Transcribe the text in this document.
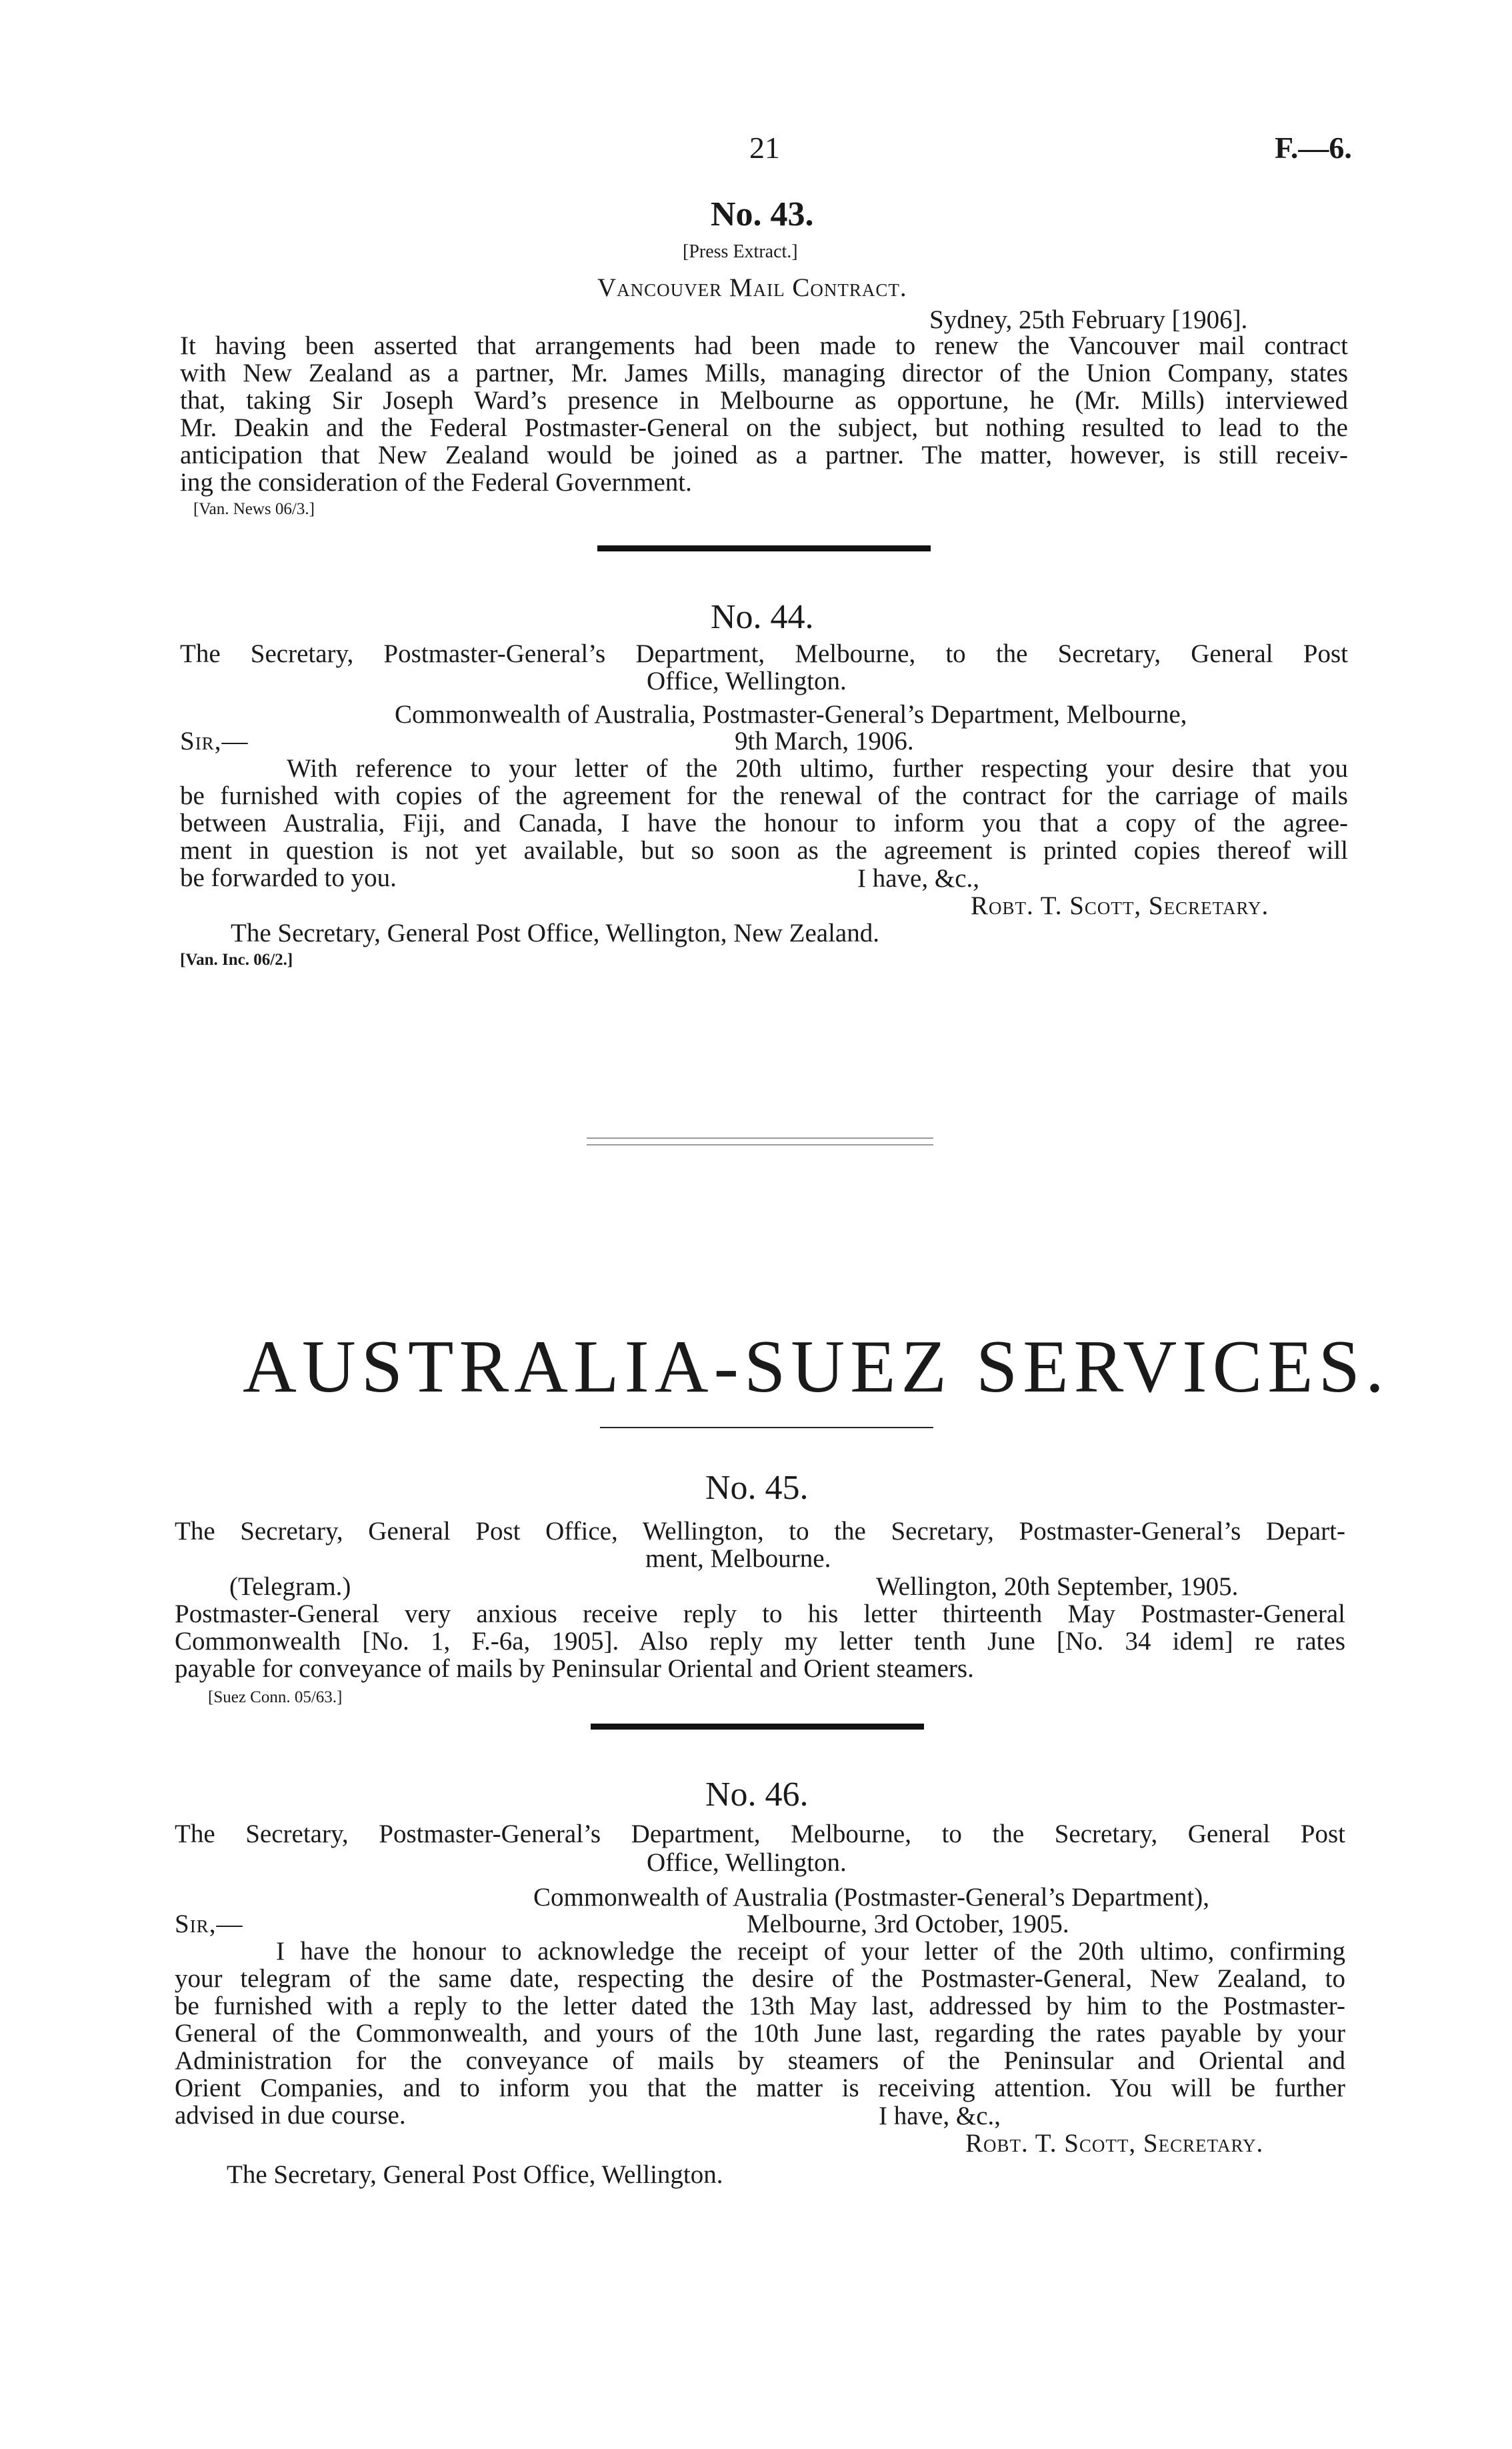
21	F.—6.
No. 43.
[Press Extract.]
Vancouver Mail Contract.
Sydney, 25th February [1906].
It having been asserted that arrangements had been made to renew the Vancouver mail contract
with New Zealand as a partner, Mr. James Mills, managing director of the Union Company, states
that, taking Sir Joseph Ward’s presence in Melbourne as opportune, he (Mr. Mills) interviewed
Mr. Deakin and the Federal Postmaster-General on the subject, but nothing resulted to lead to the
anticipation that New Zealand would be joined as a partner. The matter, however, is still receiv-
ing the consideration of the Federal Government.
[Van. News 06/3.]
No. 44.
The Secretary, Postmaster-General’s Department, Melbourne, to the Secretary, General Post
Office, Wellington.
Commonwealth of Australia, Postmaster-General’s Department, Melbourne,
Sir,—	9th March, 1906.
With reference to your letter of the 20th ultimo, further respecting your desire that you
be furnished with copies of the agreement for the renewal of the contract for the carriage of mails
between Australia, Fiji, and Canada, I have the honour to inform you that a copy of the agree-
ment in question is not yet available, but so soon as the agreement is printed copies thereof will
be forwarded to you.	I have, &c.,
Robt. T. Scott, Secretary.
The Secretary, General Post Office, Wellington, New Zealand.
[Van. Inc. 06/2.]
AUSTRALIA-SUEZ SERVICES.
No. 45.
The Secretary, General Post Office, Wellington, to the Secretary, Postmaster-General’s Depart-
ment, Melbourne.
(Telegram.)	Wellington, 20th September, 1905.
Postmaster-General very anxious receive reply to his letter thirteenth May Postmaster-General
Commonwealth [No. 1, F.-6a, 1905]. Also reply my letter tenth June [No. 34 idem] re rates
payable for conveyance of mails by Peninsular Oriental and Orient steamers.
[Suez Conn. 05/63.]
No. 46.
The Secretary, Postmaster-General’s Department, Melbourne, to the Secretary, General Post
Office, Wellington.
Commonwealth of Australia (Postmaster-General’s Department),
Sir,—	Melbourne, 3rd October, 1905.
I have the honour to acknowledge the receipt of your letter of the 20th ultimo, confirming
your telegram of the same date, respecting the desire of the Postmaster-General, New Zealand, to
be furnished with a reply to the letter dated the 13th May last, addressed by him to the Postmaster-
General of the Commonwealth, and yours of the 10th June last, regarding the rates payable by your
Administration for the conveyance of mails by steamers of the Peninsular and Oriental and
Orient Companies, and to inform you that the matter is receiving attention. You will be further
advised in due course.	I have, &c.,
Robt. T. Scott, Secretary.
The Secretary, General Post Office, Wellington.
